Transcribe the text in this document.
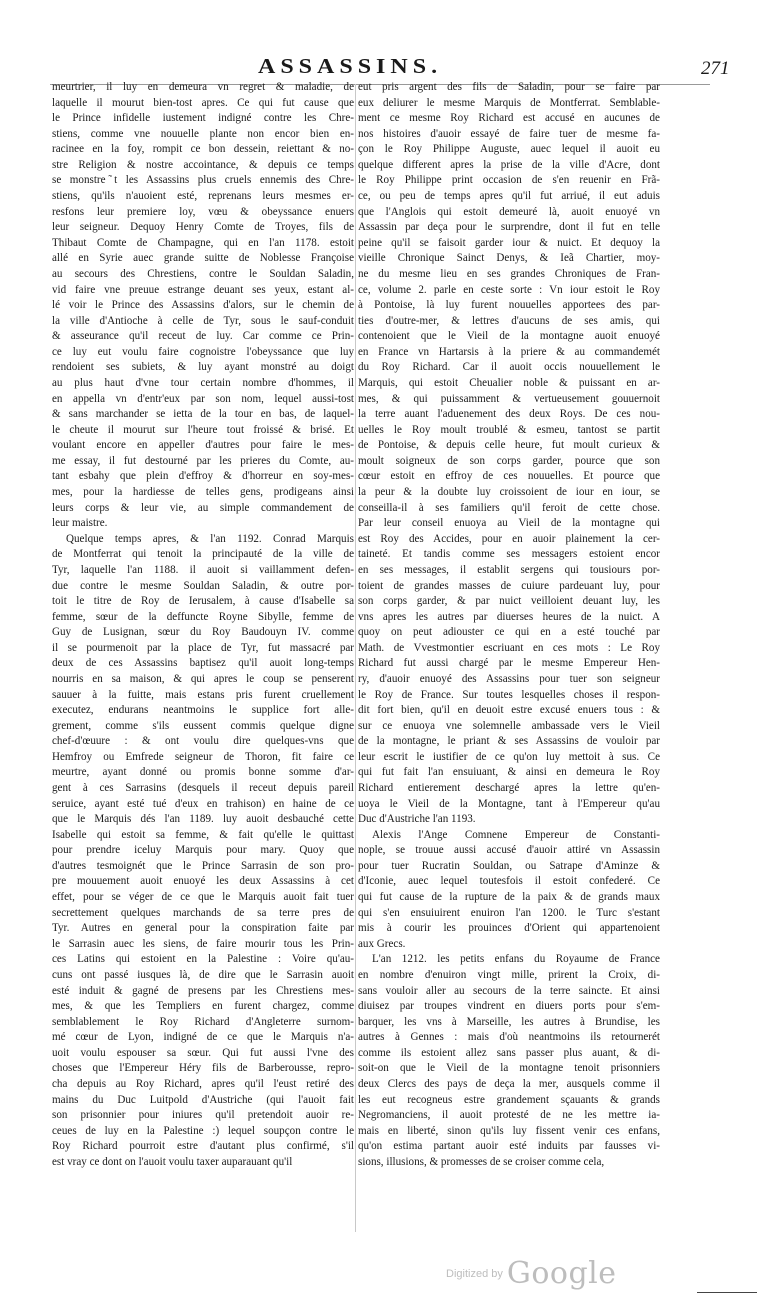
ASSASSINS.	271
meurtrier, il luy en demeura vn regret & maladie, de
laquelle il mourut bien-tost apres. Ce qui fut cause que
le Prince infidelle iustement indigné contre les Chre-
stiens, comme vne nouuelle plante non encor bien en-
racinee en la foy, rompit ce bon dessein, reiettant & no-
stre Religion & nostre accointance, & depuis ce temps
se monstre ̃t les Assassins plus cruels ennemis des Chre-
stiens, qu'ils n'auoient esté, reprenans leurs mesmes er-
resfons leur premiere loy, vœu & obeyssance enuers
leur seigneur. Dequoy Henry Comte de Troyes, fils de
Thibaut Comte de Champagne, qui en l'an 1178. estoit
allé en Syrie auec grande suitte de Noblesse Françoise
au secours des Chrestiens, contre le Souldan Saladin,
vid faire vne preuue estrange deuant ses yeux, estant al-
lé voir le Prince des Assassins d'alors, sur le chemin de
la ville d'Antioche à celle de Tyr, sous le sauf-conduit
& asseurance qu'il receut de luy. Car comme ce Prin-
ce luy eut voulu faire cognoistre l'obeyssance que luy
rendoient ses subiets, & luy ayant monstré au doigt
au plus haut d'vne tour certain nombre d'hommes, il
en appella vn d'entr'eux par son nom, lequel aussi-tost
& sans marchander se ietta de la tour en bas, de laquel-
le cheute il mourut sur l'heure tout froissé & brisé. Et
voulant encore en appeller d'autres pour faire le mes-
me essay, il fut destourné par les prieres du Comte, au-
tant esbahy que plein d'effroy & d'horreur en soy-mes-
mes, pour la hardiesse de telles gens, prodigeans ainsi
leurs corps & leur vie, au simple commandement de
leur maistre.
Quelque temps apres, & l'an 1192. Conrad Marquis
de Montferrat qui tenoit la principauté de la ville de
Tyr, laquelle l'an 1188. il auoit si vaillamment defen-
due contre le mesme Souldan Saladin, & outre por-
toit le titre de Roy de Ierusalem, à cause d'Isabelle sa
femme, sœur de la deffuncte Royne Sibylle, femme de
Guy de Lusignan, sœur du Roy Baudouyn IV. comme
il se pourmenoit par la place de Tyr, fut massacré par
deux de ces Assassins baptisez qu'il auoit long-temps
nourris en sa maison, & qui apres le coup se penserent
sauuer à la fuitte, mais estans pris furent cruellement
executez, endurans neantmoins le supplice fort alle-
grement, comme s'ils eussent commis quelque digne
chef-d'œuure : & ont voulu dire quelques-vns que
Hemfroy ou Emfrede seigneur de Thoron, fit faire ce
meurtre, ayant donné ou promis bonne somme d'ar-
gent à ces Sarrasins (desquels il receut depuis pareil
seruice, ayant esté tué d'eux en trahison) en haine de ce
que le Marquis dés l'an 1189. luy auoit desbauché cette
Isabelle qui estoit sa femme, & fait qu'elle le quittast
pour prendre iceluy Marquis pour mary. Quoy que
d'autres tesmoignét que le Prince Sarrasin de son pro-
pre mouuement auoit enuoyé les deux Assassins à cet
effet, pour se véger de ce que le Marquis auoit fait tuer
secrettement quelques marchands de sa terre pres de
Tyr. Autres en general pour la conspiration faite par
le Sarrasin auec les siens, de faire mourir tous les Prin-
ces Latins qui estoient en la Palestine : Voire qu'au-
cuns ont passé iusques là, de dire que le Sarrasin auoit
esté induit & gagné de presens par les Chrestiens mes-
mes, & que les Templiers en furent chargez, comme
semblablement le Roy Richard d'Angleterre surnom-
mé cœur de Lyon, indigné de ce que le Marquis n'a-
uoit voulu espouser sa sœur. Qui fut aussi l'vne des
choses que l'Empereur Héry fils de Barberousse, repro-
cha depuis au Roy Richard, apres qu'il l'eust retiré des
mains du Duc Luitpold d'Austriche (qui l'auoit fait
son prisonnier pour iniures qu'il pretendoit auoir re-
ceues de luy en la Palestine :) lequel soupçon contre le
Roy Richard pourroit estre d'autant plus confirmé, s'il
est vray ce dont on l'auoit voulu taxer auparauant qu'il
eut pris argent des fils de Saladin, pour se faire par
eux deliurer le mesme Marquis de Montferrat. Semblable-
ment ce mesme Roy Richard est accusé en aucunes de
nos histoires d'auoir essayé de faire tuer de mesme fa-
çon le Roy Philippe Auguste, auec lequel il auoit eu
quelque different apres la prise de la ville d'Acre, dont
le Roy Philippe print occasion de s'en reuenir en Frã-
ce, ou peu de temps apres qu'il fut arriué, il eut aduis
que l'Anglois qui estoit demeuré là, auoit enuoyé vn
Assassin par deça pour le surprendre, dont il fut en telle
peine qu'il se faisoit garder iour & nuict. Et dequoy la
vieille Chronique Sainct Denys, & Ieã Chartier, moy-
ne du mesme lieu en ses grandes Chroniques de Fran-
ce, volume 2. parle en ceste sorte : Vn iour estoit le Roy
à Pontoise, là luy furent nouuelles apportees des par-
ties d'outre-mer, & lettres d'aucuns de ses amis, qui
contenoient que le Vieil de la montagne auoit enuoyé
en France vn Hartarsis à la priere & au commandemét
du Roy Richard. Car il auoit occis nouuellement le
Marquis, qui estoit Cheualier noble & puissant en ar-
mes, & qui puissamment & vertueusement gouuernoit
la terre auant l'aduenement des deux Roys. De ces nou-
uelles le Roy moult troublé & esmeu, tantost se partit
de Pontoise, & depuis celle heure, fut moult curieux &
moult soigneux de son corps garder, pource que son
cœur estoit en effroy de ces nouuelles. Et pource que
la peur & la doubte luy croissoient de iour en iour, se
conseilla-il à ses familiers qu'il feroit de cette chose.
Par leur conseil enuoya au Vieil de la montagne qui
est Roy des Accides, pour en auoir plainement la cer-
taineté. Et tandis comme ses messagers estoient encor
en ses messages, il establit sergens qui tousiours por-
toient de grandes masses de cuiure pardeuant luy, pour
son corps garder, & par nuict veilloient deuant luy, les
vns apres les autres par diuerses heures de la nuict. A
quoy on peut adiouster ce qui en a esté touché par
Math. de Vvestmontier escriuant en ces mots : Le Roy
Richard fut aussi chargé par le mesme Empereur Hen-
ry, d'auoir enuoyé des Assassins pour tuer son seigneur
le Roy de France. Sur toutes lesquelles choses il respon-
dit fort bien, qu'il en deuoit estre excusé enuers tous : &
sur ce enuoya vne solemnelle ambassade vers le Vieil
de la montagne, le priant & ses Assassins de vouloir par
leur escrit le iustifier de ce qu'on luy mettoit à sus. Ce
qui fut fait l'an ensuiuant, & ainsi en demeura le Roy
Richard entierement deschargé apres la lettre qu'en-
uoya le Vieil de la Montagne, tant à l'Empereur qu'au
Duc d'Austriche l'an 1193.
Alexis l'Ange Comnene Empereur de Constanti-
nople, se trouue aussi accusé d'auoir attiré vn Assassin
pour tuer Rucratin Souldan, ou Satrape d'Aminze &
d'Iconie, auec lequel toutesfois il estoit confederé. Ce
qui fut cause de la rupture de la paix & de grands maux
qui s'en ensuiuirent enuiron l'an 1200. le Turc s'estant
mis à courir les prouinces d'Orient qui appartenoient
aux Grecs.
L'an 1212. les petits enfans du Royaume de France
en nombre d'enuiron vingt mille, prirent la Croix, di-
sans vouloir aller au secours de la terre saincte. Et ainsi
diuisez par troupes vindrent en diuers ports pour s'em-
barquer, les vns à Marseille, les autres à Brundise, les
autres à Gennes : mais d'où neantmoins ils retournerét
comme ils estoient allez sans passer plus auant, & di-
soit-on que le Vieil de la montagne tenoit prisonniers
deux Clercs des pays de deça la mer, ausquels comme il
les eut recogneus estre grandement sçauants & grands
Negromanciens, il auoit protesté de ne les mettre ia-
mais en liberté, sinon qu'ils luy fissent venir ces enfans,
qu'on estima partant auoir esté induits par fausses vi-
sions, illusions, & promesses de se croiser comme cela,
$^{Digitized by}$ Google
